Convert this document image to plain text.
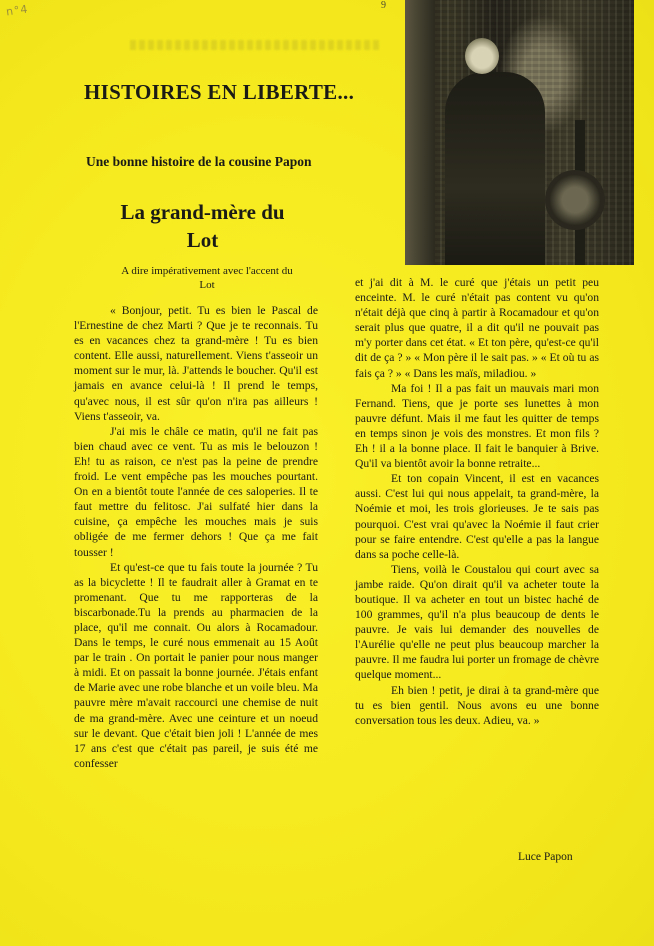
n°4	9
HISTOIRES EN LIBERTE...
Une bonne histoire de la cousine Papon
La grand-mère du
Lot
A dire impérativement avec l'accent du
Lot

« Bonjour, petit. Tu es bien le Pascal de l'Ernestine de chez Marti ? Que je te reconnais. Tu es en vacances chez ta grand-mère ! Tu es bien content. Elle aussi, naturellement. Viens t'asseoir un moment sur le mur, là. J'attends le boucher. Qu'il est jamais en avance celui-là ! Il prend le temps, qu'avec nous, il est sûr qu'on n'ira pas ailleurs ! Viens t'asseoir, va.

J'ai mis le châle ce matin, qu'il ne fait pas bien chaud avec ce vent. Tu as mis le belouzon ! Eh! tu as raison, ce n'est pas la peine de prendre froid. Le vent empêche pas les mouches pourtant. On en a bientôt toute l'année de ces saloperies. Il te faut mettre du felitosc. J'ai sulfaté hier dans la cuisine, ça empêche les mouches mais je suis obligée de me fermer dehors ! Que ça me fait tousser !

Et qu'est-ce que tu fais toute la journée ? Tu as la bicyclette ! Il te faudrait aller à Gramat en te promenant. Que tu me rapporteras de la biscarbonade.Tu la prends au pharmacien de la place, qu'il me connait. Ou alors à Rocamadour. Dans le temps, le curé nous emmenait au 15 Août par le train . On portait le panier pour nous manger à midi. Et on passait la bonne journée. J'étais enfant de Marie avec une robe blanche et un voile bleu. Ma pauvre mère m'avait raccourci une chemise de nuit de ma grand-mère. Avec une ceinture et un noeud sur le devant. Que c'était bien joli ! L'année de mes 17 ans c'est que c'était pas pareil, je suis été me confesser

et j'ai dit à M. le curé que j'étais un petit peu enceinte. M. le curé n'était pas content vu qu'on n'était déjà que cinq à partir à Rocamadour et qu'on serait plus que quatre, il a dit qu'il ne pouvait pas m'y porter dans cet état. « Et ton père, qu'est-ce qu'il dit de ça ? » « Mon père il le sait pas. » « Et où tu as fais ça ? » « Dans les maïs, miladiou. »

Ma foi ! Il a pas fait un mauvais mari mon Fernand. Tiens, que je porte ses lunettes à mon pauvre défunt. Mais il me faut les quitter de temps en temps sinon je vois des monstres. Et mon fils ? Eh ! il a la bonne place. Il fait le banquier à Brive. Qu'il va bientôt avoir la bonne retraite...

Et ton copain Vincent, il est en vacances aussi. C'est lui qui nous appelait, ta grand-mère, la Noémie et moi, les trois glorieuses. Je te sais pas pourquoi. C'est vrai qu'avec la Noémie il faut crier pour se faire entendre. C'est qu'elle a pas la langue dans sa poche celle-là.

Tiens, voilà le Coustalou qui court avec sa jambe raide. Qu'on dirait qu'il va acheter toute la boutique. Il va acheter en tout un bistec haché de 100 grammes, qu'il n'a plus beaucoup de dents le pauvre. Je vais lui demander des nouvelles de l'Aurélie qu'elle ne peut plus beaucoup marcher la pauvre. Il me faudra lui porter un fromage de chèvre quelque moment...

Eh bien ! petit, je dirai à ta grand-mère que tu es bien gentil. Nous avons eu une bonne conversation tous les deux. Adieu, va. »

Luce Papon
